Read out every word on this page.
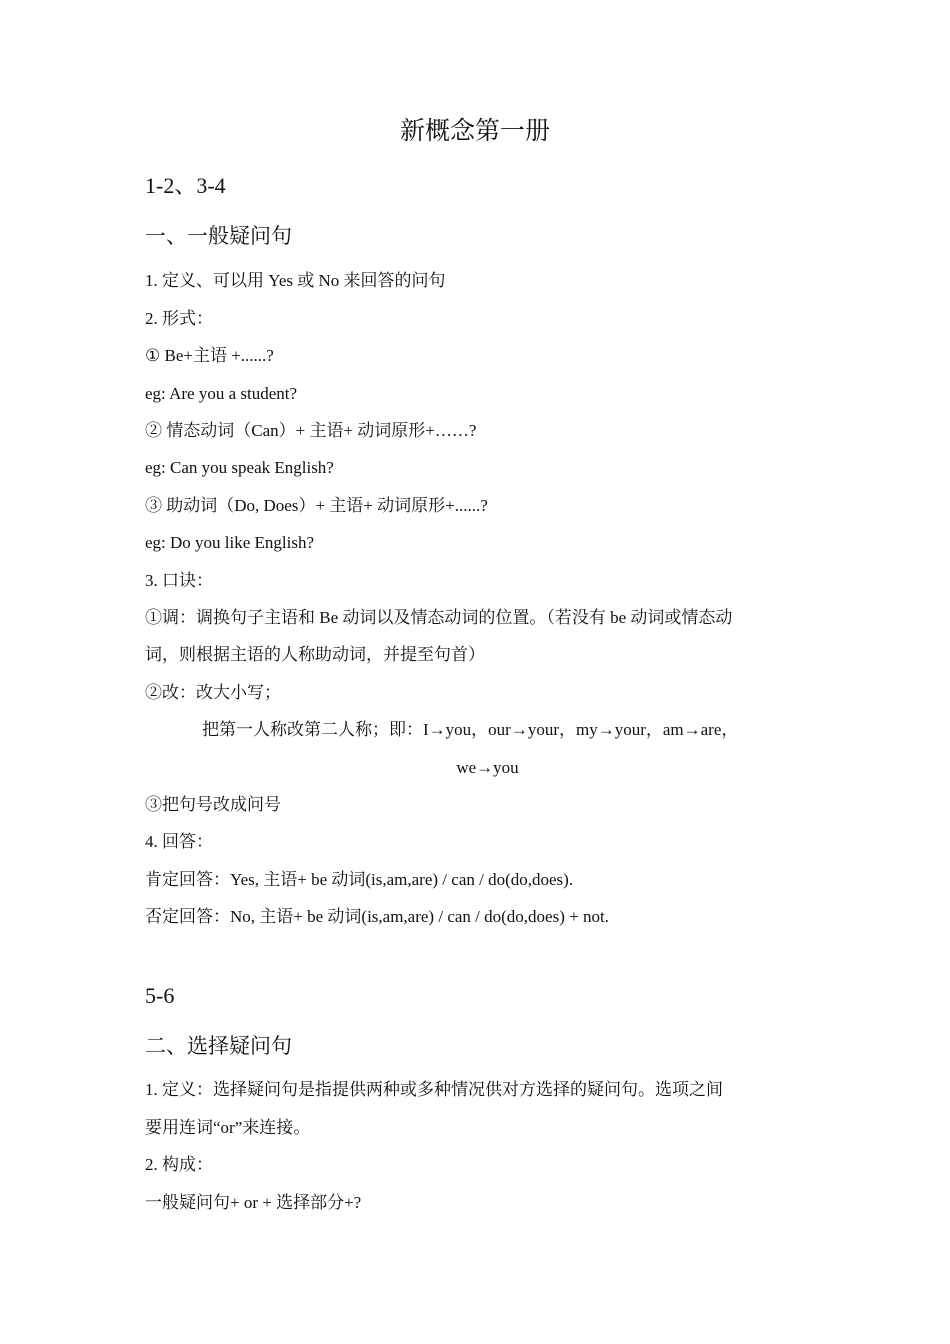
新概念第一册
1-2、3-4
一、一般疑问句
1. 定义、可以用 Yes 或 No 来回答的问句
2. 形式：
① Be+主语 +......?
eg: Are you a student?
② 情态动词（Can）+ 主语+ 动词原形+……?
eg: Can you speak English?
③ 助动词（Do, Does）+ 主语+ 动词原形+......?
eg: Do you like English?
3. 口诀：
①调：调换句子主语和 Be 动词以及情态动词的位置。（若没有 be 动词或情态动
词，则根据主语的人称助动词，并提至句首）
②改：改大小写；
把第一人称改第二人称；即：I→you，our→your，my→your，am→are，
we→you
③把句号改成问号
4. 回答：
肯定回答：Yes, 主语+ be 动词(is,am,are) / can / do(do,does).
否定回答：No, 主语+ be 动词(is,am,are) / can / do(do,does) + not.
5-6
二、选择疑问句
1. 定义：选择疑问句是指提供两种或多种情况供对方选择的疑问句。选项之间
要用连词“or”来连接。
2. 构成：
一般疑问句+ or + 选择部分+?
